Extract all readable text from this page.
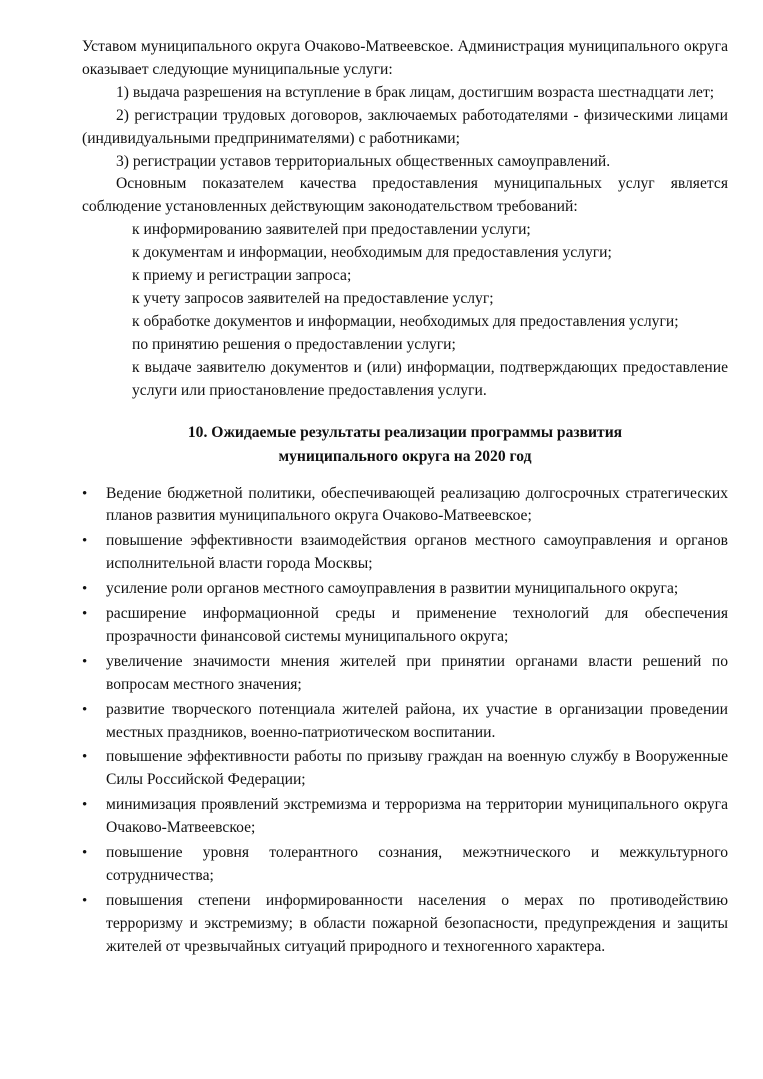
Уставом муниципального округа Очаково-Матвеевское. Администрация муниципального округа оказывает следующие муниципальные услуги:

1) выдача разрешения на вступление в брак лицам, достигшим возраста шестнадцати лет;

2) регистрации трудовых договоров, заключаемых работодателями - физическими лицами (индивидуальными предпринимателями) с работниками;

3) регистрации уставов территориальных общественных самоуправлений.

Основным показателем качества предоставления муниципальных услуг является соблюдение установленных действующим законодательством требований:

к информированию заявителей при предоставлении услуги;

к документам и информации, необходимым для предоставления услуги;

к приему и регистрации запроса;

к учету запросов заявителей на предоставление услуг;

к обработке документов и информации, необходимых для предоставления услуги;

по принятию решения о предоставлении услуги;

к выдаче заявителю документов и (или) информации, подтверждающих предоставление услуги или приостановление предоставления услуги.

10. Ожидаемые результаты реализации программы развития
муниципального округа на 2020 год
•	Ведение бюджетной политики, обеспечивающей реализацию долгосрочных стратегических планов развития муниципального округа Очаково-Матвеевское;
•	повышение эффективности взаимодействия органов местного самоуправления и органов исполнительной власти города Москвы;
•	усиление роли органов местного самоуправления в развитии муниципального округа;
•	расширение информационной среды и применение технологий для обеспечения прозрачности финансовой системы муниципального округа;
•	увеличение значимости мнения жителей при принятии органами власти решений по вопросам местного значения;
•	развитие творческого потенциала жителей района, их участие в организации проведении местных праздников, военно-патриотическом воспитании.
•	повышение эффективности работы по призыву граждан на военную службу в Вооруженные Силы Российской Федерации;
•	минимизация проявлений экстремизма и терроризма на территории муниципального округа Очаково-Матвеевское;
•	повышение уровня толерантного сознания, межэтнического и межкультурного сотрудничества;
•	повышения степени информированности населения о мерах по противодействию терроризму и экстремизму; в области пожарной безопасности, предупреждения и защиты жителей от чрезвычайных ситуаций природного и техногенного характера.
